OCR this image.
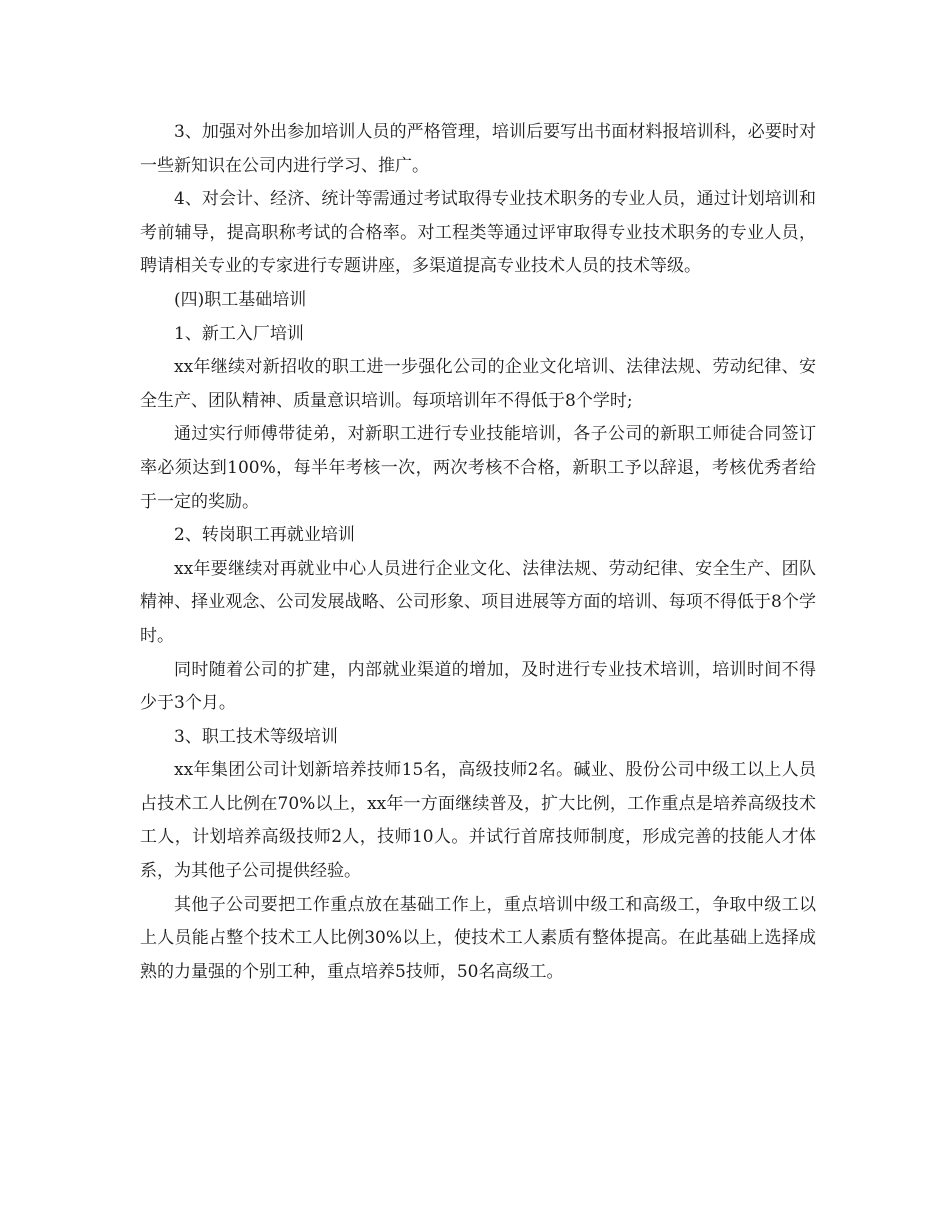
3、加强对外出参加培训人员的严格管理，培训后要写出书面材料报培训科，必要时对一些新知识在公司内进行学习、推广。

4、对会计、经济、统计等需通过考试取得专业技术职务的专业人员，通过计划培训和考前辅导，提高职称考试的合格率。对工程类等通过评审取得专业技术职务的专业人员，聘请相关专业的专家进行专题讲座，多渠道提高专业技术人员的技术等级。

(四)职工基础培训

1、新工入厂培训

xx年继续对新招收的职工进一步强化公司的企业文化培训、法律法规、劳动纪律、安全生产、团队精神、质量意识培训。每项培训年不得低于8个学时;

通过实行师傅带徒弟，对新职工进行专业技能培训，各子公司的新职工师徒合同签订率必须达到100%，每半年考核一次，两次考核不合格，新职工予以辞退，考核优秀者给于一定的奖励。

2、转岗职工再就业培训

xx年要继续对再就业中心人员进行企业文化、法律法规、劳动纪律、安全生产、团队精神、择业观念、公司发展战略、公司形象、项目进展等方面的培训、每项不得低于8个学时。

同时随着公司的扩建，内部就业渠道的增加，及时进行专业技术培训，培训时间不得少于3个月。

3、职工技术等级培训

xx年集团公司计划新培养技师15名，高级技师2名。碱业、股份公司中级工以上人员占技术工人比例在70%以上，xx年一方面继续普及，扩大比例，工作重点是培养高级技术工人，计划培养高级技师2人，技师10人。并试行首席技师制度，形成完善的技能人才体系，为其他子公司提供经验。

其他子公司要把工作重点放在基础工作上，重点培训中级工和高级工，争取中级工以上人员能占整个技术工人比例30%以上，使技术工人素质有整体提高。在此基础上选择成熟的力量强的个别工种，重点培养5技师，50名高级工。
